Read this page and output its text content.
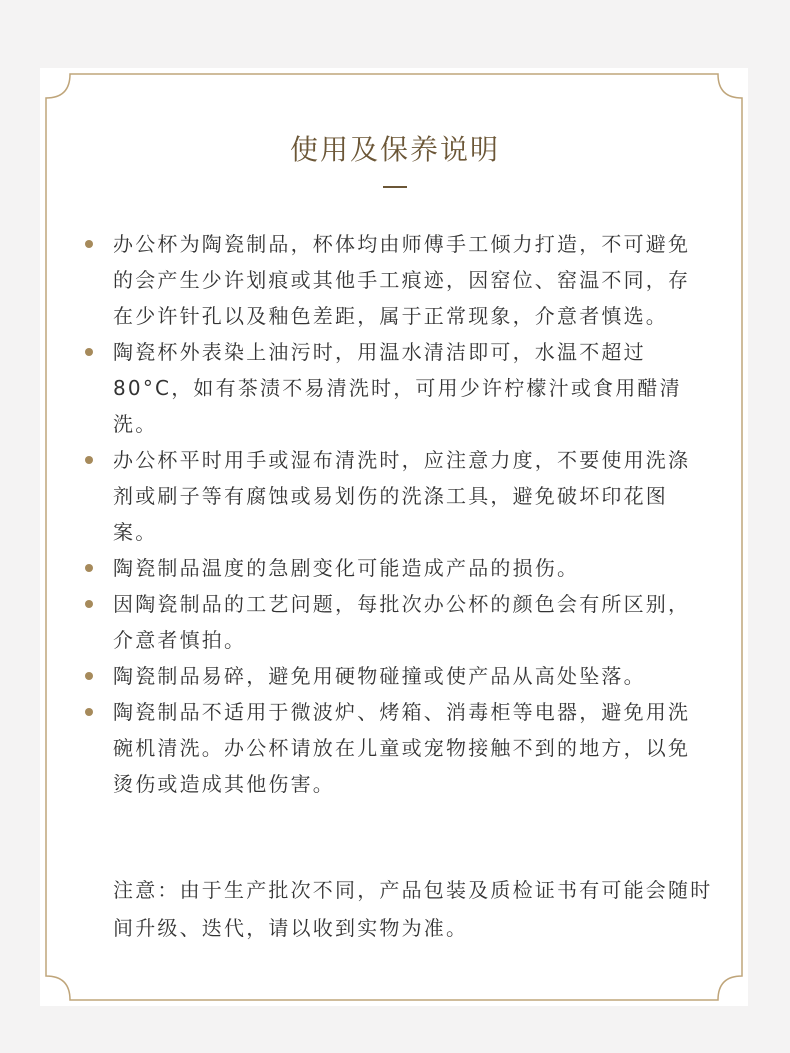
使用及保养说明
办公杯为陶瓷制品，杯体均由师傅手工倾力打造，不可避免的会产生少许划痕或其他手工痕迹，因窑位、窑温不同，存在少许针孔以及釉色差距，属于正常现象，介意者慎选。
陶瓷杯外表染上油污时，用温水清洁即可，水温不超过80°C，如有茶渍不易清洗时，可用少许柠檬汁或食用醋清洗。
办公杯平时用手或湿布清洗时，应注意力度，不要使用洗涤剂或刷子等有腐蚀或易划伤的洗涤工具，避免破坏印花图案。
陶瓷制品温度的急剧变化可能造成产品的损伤。
因陶瓷制品的工艺问题，每批次办公杯的颜色会有所区别，介意者慎拍。
陶瓷制品易碎，避免用硬物碰撞或使产品从高处坠落。
陶瓷制品不适用于微波炉、烤箱、消毒柜等电器，避免用洗碗机清洗。办公杯请放在儿童或宠物接触不到的地方，以免烫伤或造成其他伤害。

注意：由于生产批次不同，产品包装及质检证书有可能会随时间升级、迭代，请以收到实物为准。
